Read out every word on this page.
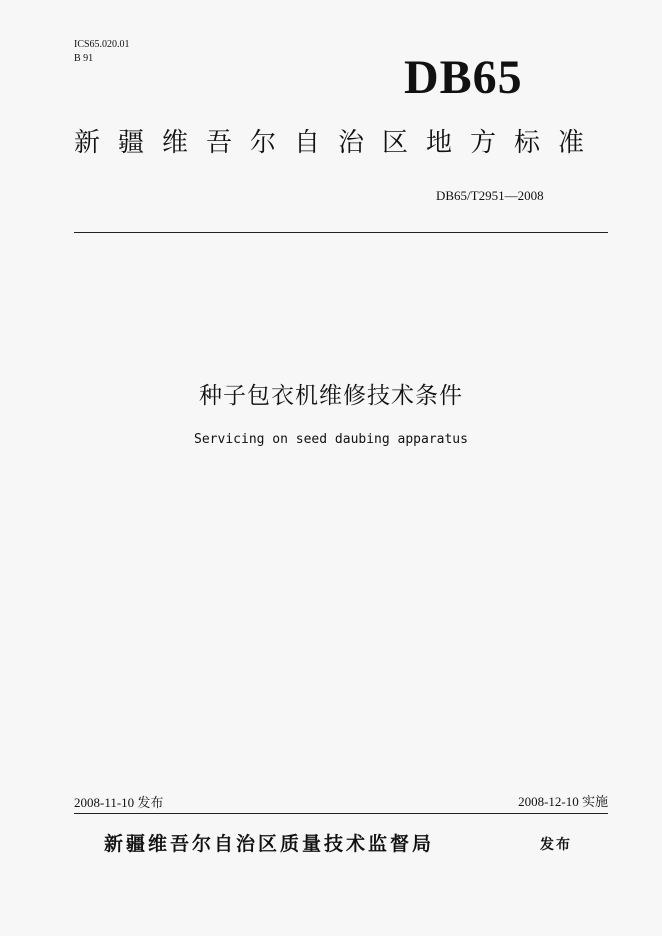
ICS65.020.01
B 91	DB65
新疆维吾尔自治区地方标准
DB65/T2951—2008
种子包衣机维修技术条件
Servicing on seed daubing apparatus
2008-11-10 发布	2008-12-10 实施
新疆维吾尔自治区质量技术监督局	发布
